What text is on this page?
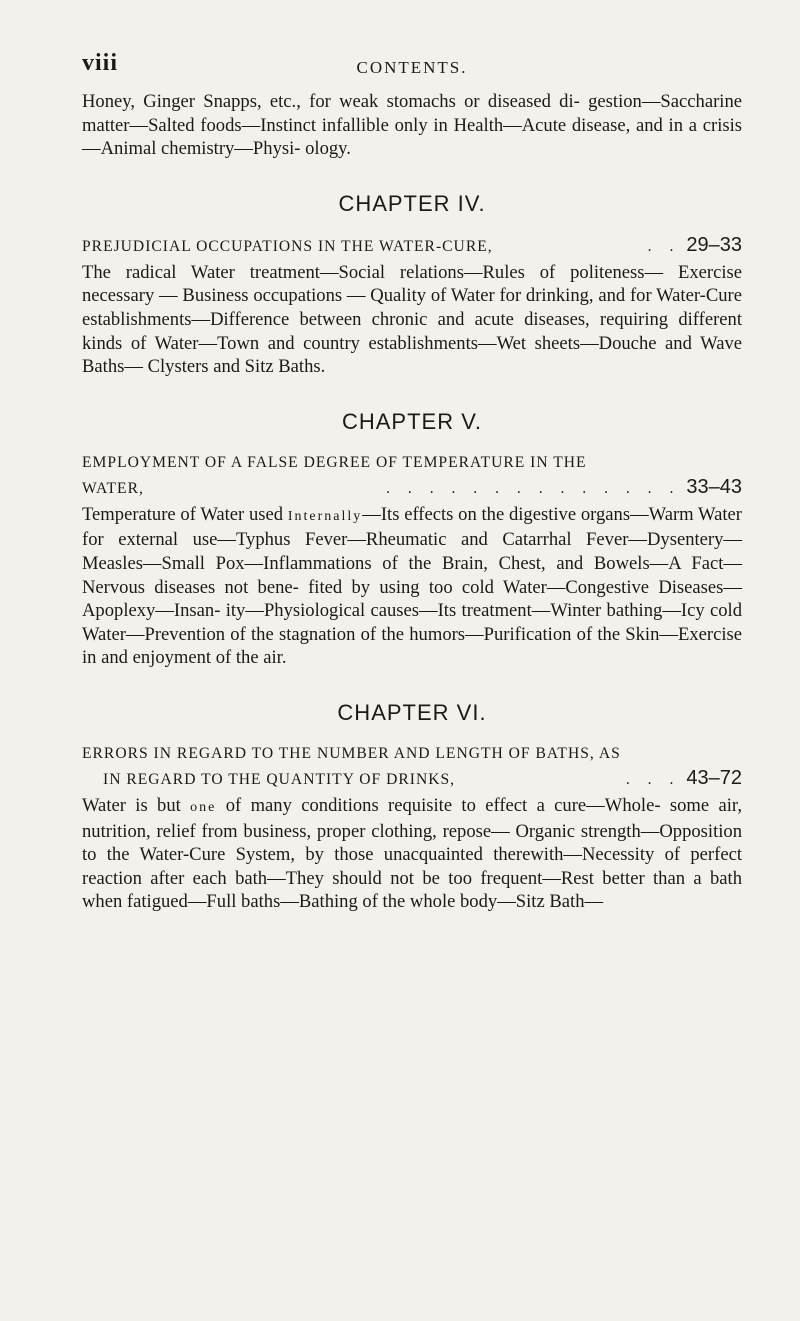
viii	CONTENTS.

Honey, Ginger Snapps, etc., for weak stomachs or diseased di- gestion—Saccharine matter—Salted foods—Instinct infallible only in Health—Acute disease, and in a crisis—Animal chemistry—Physi- ology.

CHAPTER IV.
PREJUDICIAL OCCUPATIONS IN THE WATER-CURE,	. . 29–33

The radical Water treatment—Social relations—Rules of politeness— Exercise necessary — Business occupations — Quality of Water for drinking, and for Water-Cure establishments—Difference between chronic and acute diseases, requiring different kinds of Water—Town and country establishments—Wet sheets—Douche and Wave Baths— Clysters and Sitz Baths.

CHAPTER V.
EMPLOYMENT OF A FALSE DEGREE OF TEMPERATURE IN THE
WATER,	. . . . . . . . . . . . . . 33–43

Temperature of Water used Internally—Its effects on the digestive organs—Warm Water for external use—Typhus Fever—Rheumatic and Catarrhal Fever—Dysentery—Measles—Small Pox—Inflammations of the Brain, Chest, and Bowels—A Fact—Nervous diseases not bene- fited by using too cold Water—Congestive Diseases—Apoplexy—Insan- ity—Physiological causes—Its treatment—Winter bathing—Icy cold Water—Prevention of the stagnation of the humors—Purification of the Skin—Exercise in and enjoyment of the air.

CHAPTER VI.
ERRORS IN REGARD TO THE NUMBER AND LENGTH OF BATHS, AS
IN REGARD TO THE QUANTITY OF DRINKS,	. . . 43–72

Water is but one of many conditions requisite to effect a cure—Whole- some air, nutrition, relief from business, proper clothing, repose— Organic strength—Opposition to the Water-Cure System, by those unacquainted therewith—Necessity of perfect reaction after each bath—They should not be too frequent—Rest better than a bath when fatigued—Full baths—Bathing of the whole body—Sitz Bath—
